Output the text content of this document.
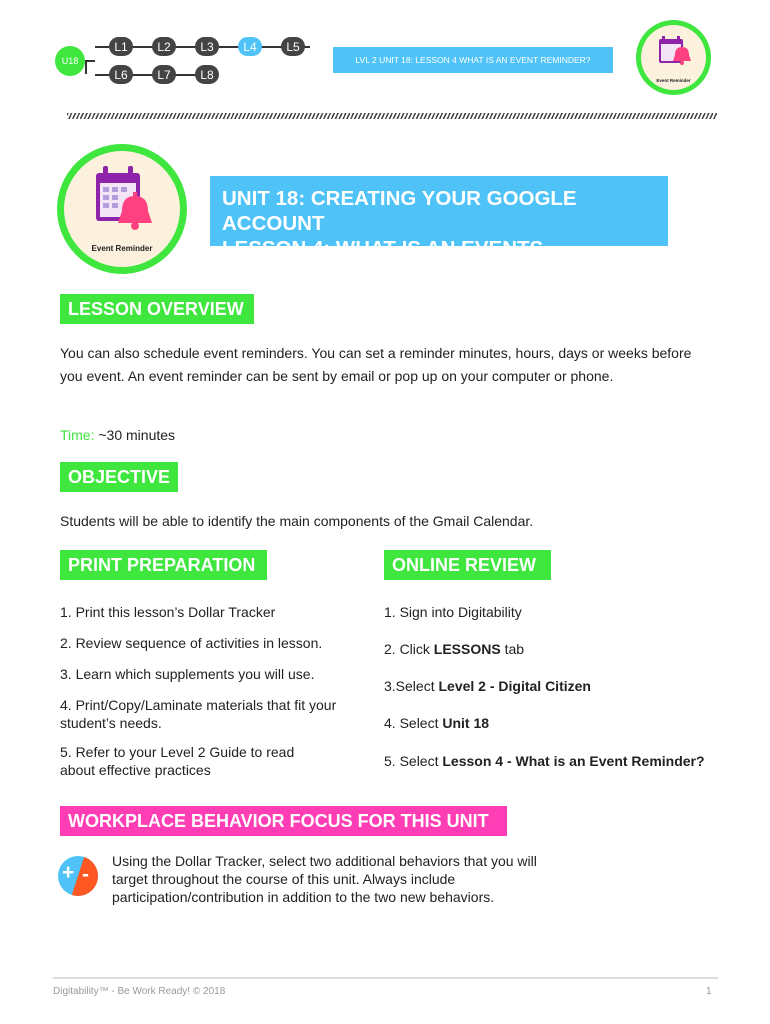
U18
L1	L2	L3	L4	L5
L6	L7	L8
LVL 2 UNIT 18: LESSON 4 WHAT IS AN EVENT REMINDER?
Event Reminder
Event Reminder
UNIT 18: CREATING YOUR GOOGLE ACCOUNT
LESSON 4: WHAT IS AN EVENTS REMINDER?
LESSON OVERVIEW
You can also schedule event reminders. You can set a reminder minutes, hours, days or weeks before you event. An event reminder can be sent by email or pop up on your computer or phone.
Time: ~30 minutes
OBJECTIVE
Students will be able to identify the main components of the Gmail Calendar.
PRINT PREPARATION
1. Print this lesson’s Dollar Tracker
2. Review sequence of activities in lesson.
3. Learn which supplements you will use.
4. Print/Copy/Laminate materials that fit your student’s needs.
5. Refer to your Level 2 Guide to read about effective practices
ONLINE REVIEW
1. Sign into Digitability
2. Click LESSONS tab
3.Select Level 2 - Digital Citizen
4. Select Unit 18
5. Select Lesson 4 - What is an Event Reminder?
WORKPLACE BEHAVIOR FOCUS FOR THIS UNIT
+ -
Using the Dollar Tracker, select two additional behaviors that you will target throughout the course of this unit. Always include participation/contribution in addition to the two new behaviors.
Digitability™ - Be Work Ready! © 2018	1
